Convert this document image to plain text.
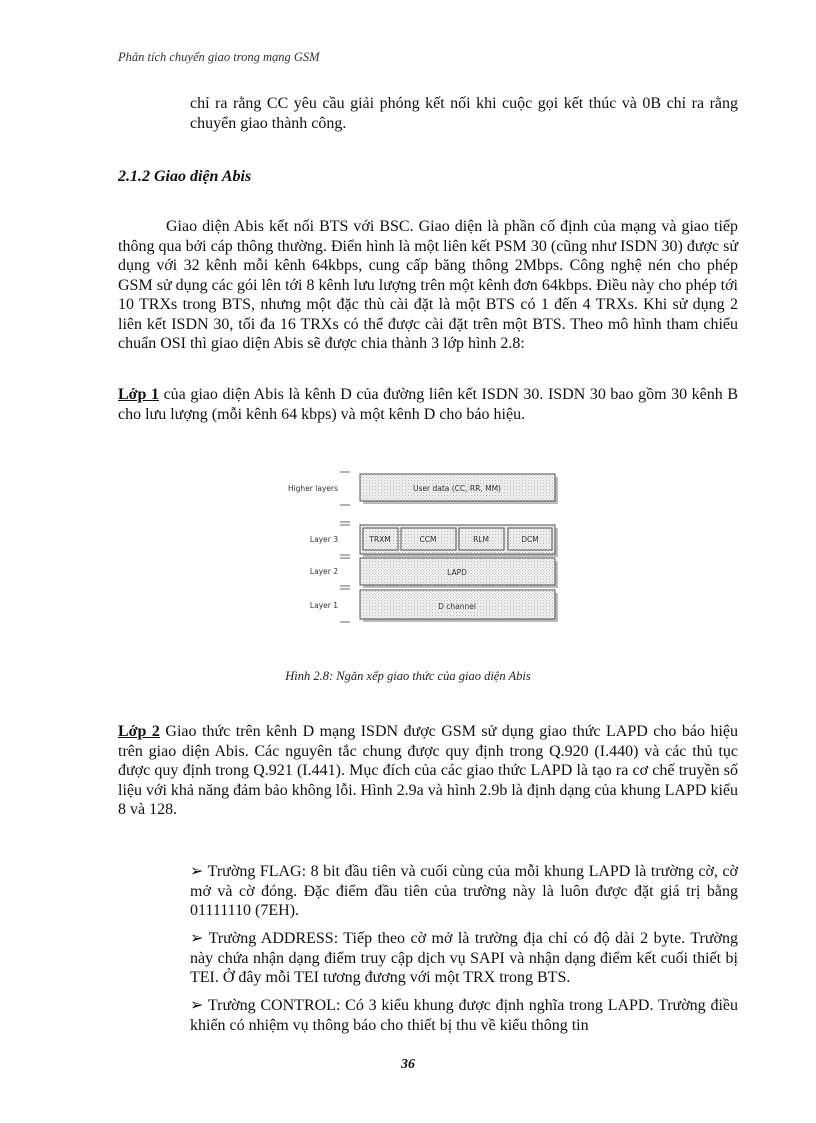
Phân tích chuyển giao trong mạng GSM
chỉ ra rằng CC yêu cầu giải phóng kết nối khi cuộc gọi kết thúc và 0B chỉ ra rằng chuyển giao thành công.
2.1.2 Giao diện Abis
Giao diện Abis kết nối BTS với BSC. Giao diện là phần cố định của mạng và giao tiếp thông qua bởi cáp thông thường. Điển hình là một liên kết PSM 30 (cũng như ISDN 30) được sử dụng với 32 kênh mỗi kênh 64kbps, cung cấp băng thông 2Mbps. Công nghệ nén cho phép GSM sử dụng các gói lên tới 8 kênh lưu lượng trên một kênh đơn 64kbps. Điều này cho phép tới 10 TRXs trong BTS, nhưng một đặc thù cài đặt là một BTS có 1 đến 4 TRXs. Khi sử dụng 2 liên kết ISDN 30, tối đa 16 TRXs có thể được cài đặt trên một BTS. Theo mô hình tham chiếu chuẩn OSI thì giao diện Abis sẽ được chia thành 3 lớp hình 2.8:
Lớp 1 của giao diện Abis là kênh D của đường liên kết ISDN 30. ISDN 30 bao gồm 30 kênh B cho lưu lượng (mỗi kênh 64 kbps) và một kênh D cho báo hiệu.
Higher layers
Layer 3
Layer 2
Layer 1
User data (CC, RR, MM)
TRXM	CCM	RLM	DCM
LAPD
D channel
Hình 2.8: Ngăn xếp giao thức của giao diện Abis
Lớp 2 Giao thức trên kênh D mạng ISDN được GSM sử dụng giao thức LAPD cho báo hiệu trên giao diện Abis. Các nguyên tắc chung được quy định trong Q.920 (I.440) và các thủ tục được quy định trong Q.921 (I.441). Mục đích của các giao thức LAPD là tạo ra cơ chế truyền số liệu với khả năng đảm bảo không lỗi. Hình 2.9a và hình 2.9b là định dạng của khung LAPD kiểu 8 và 128.
➢ Trường FLAG: 8 bit đầu tiên và cuối cùng của mỗi khung LAPD là trường cờ, cờ mở và cờ đóng. Đặc điểm đầu tiên của trường này là luôn được đặt giá trị bằng 01111110 (7EH).
➢ Trường ADDRESS: Tiếp theo cờ mở là trường địa chỉ có độ dài 2 byte. Trường này chứa nhận dạng điểm truy cập dịch vụ SAPI và nhận dạng điểm kết cuối thiết bị TEI. Ở đây mỗi TEI tương đương với một TRX trong BTS.
➢ Trường CONTROL: Có 3 kiểu khung được định nghĩa trong LAPD. Trường điều khiển có nhiệm vụ thông báo cho thiết bị thu về kiểu thông tin
36
